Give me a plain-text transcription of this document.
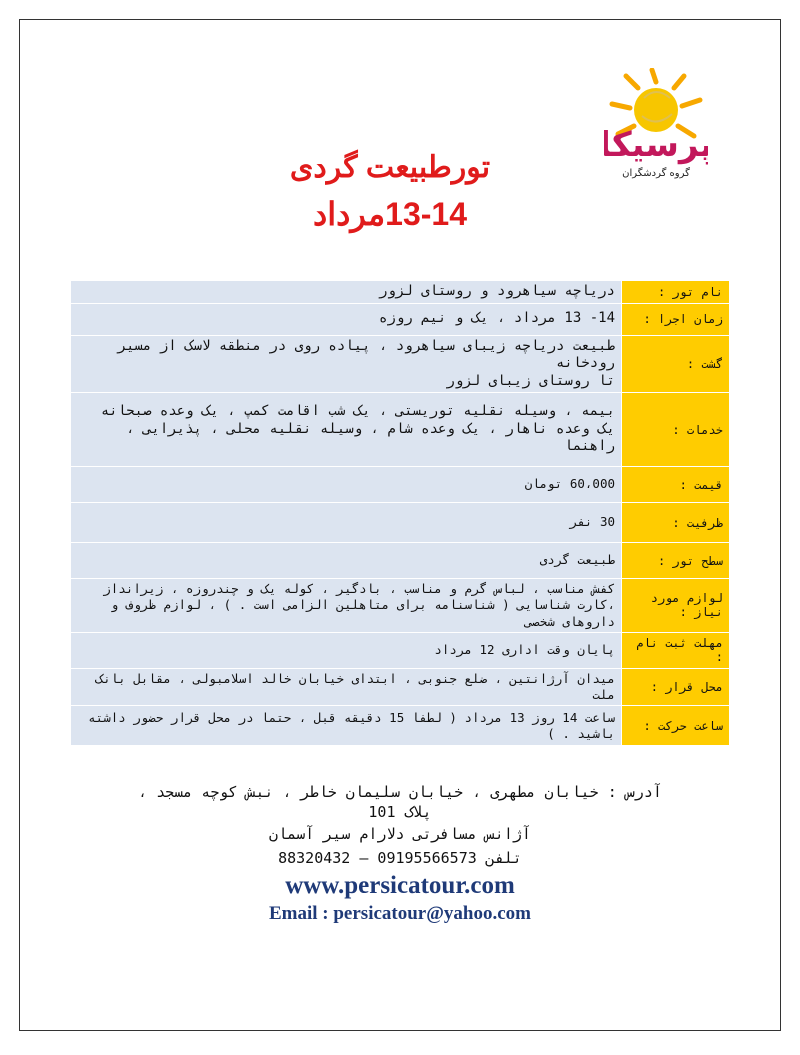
پرسیکا
گروه گردشگران
تورطبیعت گردی
13-14مرداد
نام تور :	دریاچه سیاهرود و روستای لزور
زمان اجرا :	14- 13 مرداد ، یک و نیم روزه
گشت :	طبیعت دریاچه زیبای سیاهرود ، پیاده روی در منطقه لاسک از مسیر رودخانه
تا روستای زیبای لزور
خدمات :	بیمه ، وسیله نقلیه توریستی ، یک شب اقامت کمپ ، یک وعده صبحانه
یک وعده ناهار ، یک وعده شام ، وسیله نقلیه محلی ، پذیرایی ، راهنما
قیمت :	60،000 تومان
ظرفیت :	30 نفر
سطح تور :	طبیعت گردی
لوازم مورد نیاز :	کفش مناسب ، لباس گرم و مناسب ، بادگیر ، کوله یک و چندروزه ، زیرانداز ،کارت شناسایی ( شناسنامه برای متاهلین الزامی است . ) ، لوازم ظروف و داروهای شخصی
مهلت ثبت نام :	پایان وقت اداری 12 مرداد
محل قرار :	میدان آرژانتین ، ضلع جنوبی ، ابتدای خیابان خالد اسلامبولی ، مقابل بانک ملت
ساعت حرکت :	ساعت 14 روز 13 مرداد ( لطفا 15 دقیقه قبل ، حتما در محل قرار حضور داشته باشید . )
آدرس : خیابان مطهری ، خیابان سلیمان خاطر ، نبش کوچه مسجد ،
پلاک 101
آژانس مسافرتی دلارام سیر آسمان
تلفن 09195566573 – 88320432
www.persicatour.com
Email : persicatour@yahoo.com
